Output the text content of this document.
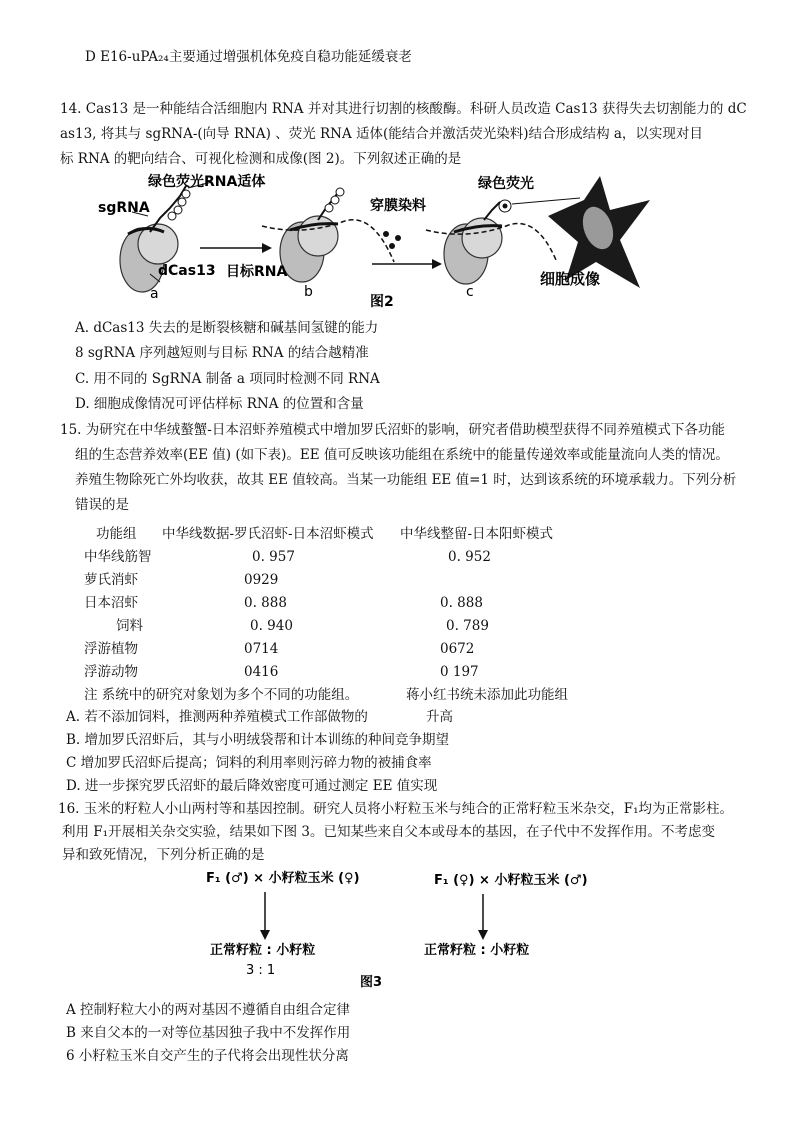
D E16-uPA₂₄主要通过增强机体免疫自稳功能延缓衰老
14. Cas13 是一种能结合活细胞内 RNA 并对其进行切割的核酸酶。科研人员改造 Cas13 获得失去切割能力的 dC
as13, 将其与 sgRNA-(向导 RNA) 、荧光 RNA 适体(能结合并激活荧光染料)结合形成结构 a，以实现对目
标 RNA 的靶向结合、可视化检测和成像(图 2)。下列叙述正确的是
绿色荧光RNA适体
sgRNA
dCas13
a
目标RNA
b
穿膜染料
绿色荧光
c
细胞成像
图2
A. dCas13 失去的是断裂核糖和碱基间氢键的能力
8 sgRNA 序列越短则与目标 RNA 的结合越精准
C. 用不同的 SgRNA 制备 a 项同时检测不同 RNA
D. 细胞成像情况可评估样标 RNA 的位置和含量
15. 为研究在中华绒螯蟹-日本沼虾养殖模式中增加罗氏沼虾的影响，研究者借助模型获得不同养殖模式下各功能
组的生态营养效率(EE 值) (如下表)。EE 值可反映该功能组在系统中的能量传递效率或能量流向人类的情况。
养殖生物除死亡外均收获，故其 EE 值较高。当某一功能组 EE 值=1 时，达到该系统的环境承载力。下列分析
错误的是
功能组 中华线数据-罗氏沼虾-日本沼虾模式 中华线整留-日本阳虾模式
中华线筋智	0. 957	0. 952
萝氏消虾	0929
日本沼虾	0. 888	0. 888
饲料	0. 940	0. 789
浮游植物	0714	0672
浮游动物	0416	0 197
注 系统中的研究对象划为多个不同的功能组。	蒋小红书统未添加此功能组
A. 若不添加饲料，推测两种养殖模式工作部做物的	升高
B. 增加罗氏沼虾后，其与小明绒袋帮和计本训练的种间竞争期望
C 增加罗氏沼虾后提高；饲料的利用率则污碎力物的被捕食率
D. 进一步探究罗氏沼虾的最后降效密度可通过测定 EE 值实现
16. 玉米的籽粒人小山两村等和基因控制。研究人员将小籽粒玉米与纯合的正常籽粒玉米杂交，F₁均为正常影柱。
利用 F₁开展相关杂交实验，结果如下图 3。已知某些来自父本或母本的基因，在子代中不发挥作用。不考虑变
异和致死情况，下列分析正确的是
F₁ (♂) × 小籽粒玉米 (♀)
正常籽粒 : 小籽粒
3 : 1
F₁ (♀) × 小籽粒玉米 (♂)
正常籽粒 : 小籽粒
图3
A 控制籽粒大小的两对基因不遵循自由组合定律
B 来自父本的一对等位基因独子我中不发挥作用
6 小籽粒玉米自交产生的子代将会出现性状分离
